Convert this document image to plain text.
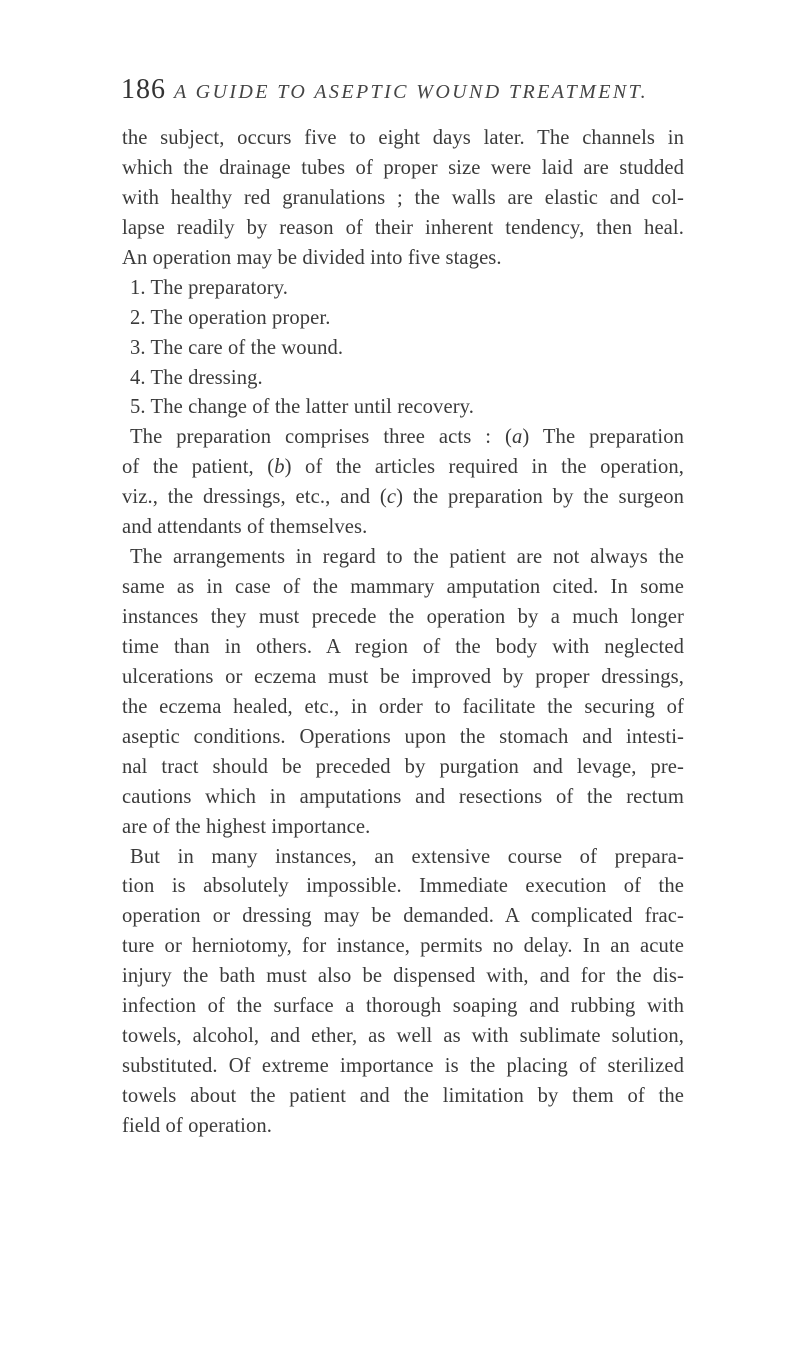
186 A GUIDE TO ASEPTIC WOUND TREATMENT.
the subject, occurs five to eight days later. The channels in
which the drainage tubes of proper size were laid are studded
with healthy red granulations ; the walls are elastic and col-
lapse readily by reason of their inherent tendency, then heal.
An operation may be divided into five stages.
1. The preparatory.
2. The operation proper.
3. The care of the wound.
4. The dressing.
5. The change of the latter until recovery.
The preparation comprises three acts : (a) The preparation
of the patient, (b) of the articles required in the operation,
viz., the dressings, etc., and (c) the preparation by the surgeon
and attendants of themselves.
The arrangements in regard to the patient are not always the
same as in case of the mammary amputation cited. In some
instances they must precede the operation by a much longer
time than in others. A region of the body with neglected
ulcerations or eczema must be improved by proper dressings,
the eczema healed, etc., in order to facilitate the securing of
aseptic conditions. Operations upon the stomach and intesti-
nal tract should be preceded by purgation and levage, pre-
cautions which in amputations and resections of the rectum
are of the highest importance.
But in many instances, an extensive course of prepara-
tion is absolutely impossible. Immediate execution of the
operation or dressing may be demanded. A complicated frac-
ture or herniotomy, for instance, permits no delay. In an acute
injury the bath must also be dispensed with, and for the dis-
infection of the surface a thorough soaping and rubbing with
towels, alcohol, and ether, as well as with sublimate solution,
substituted. Of extreme importance is the placing of sterilized
towels about the patient and the limitation by them of the
field of operation.
